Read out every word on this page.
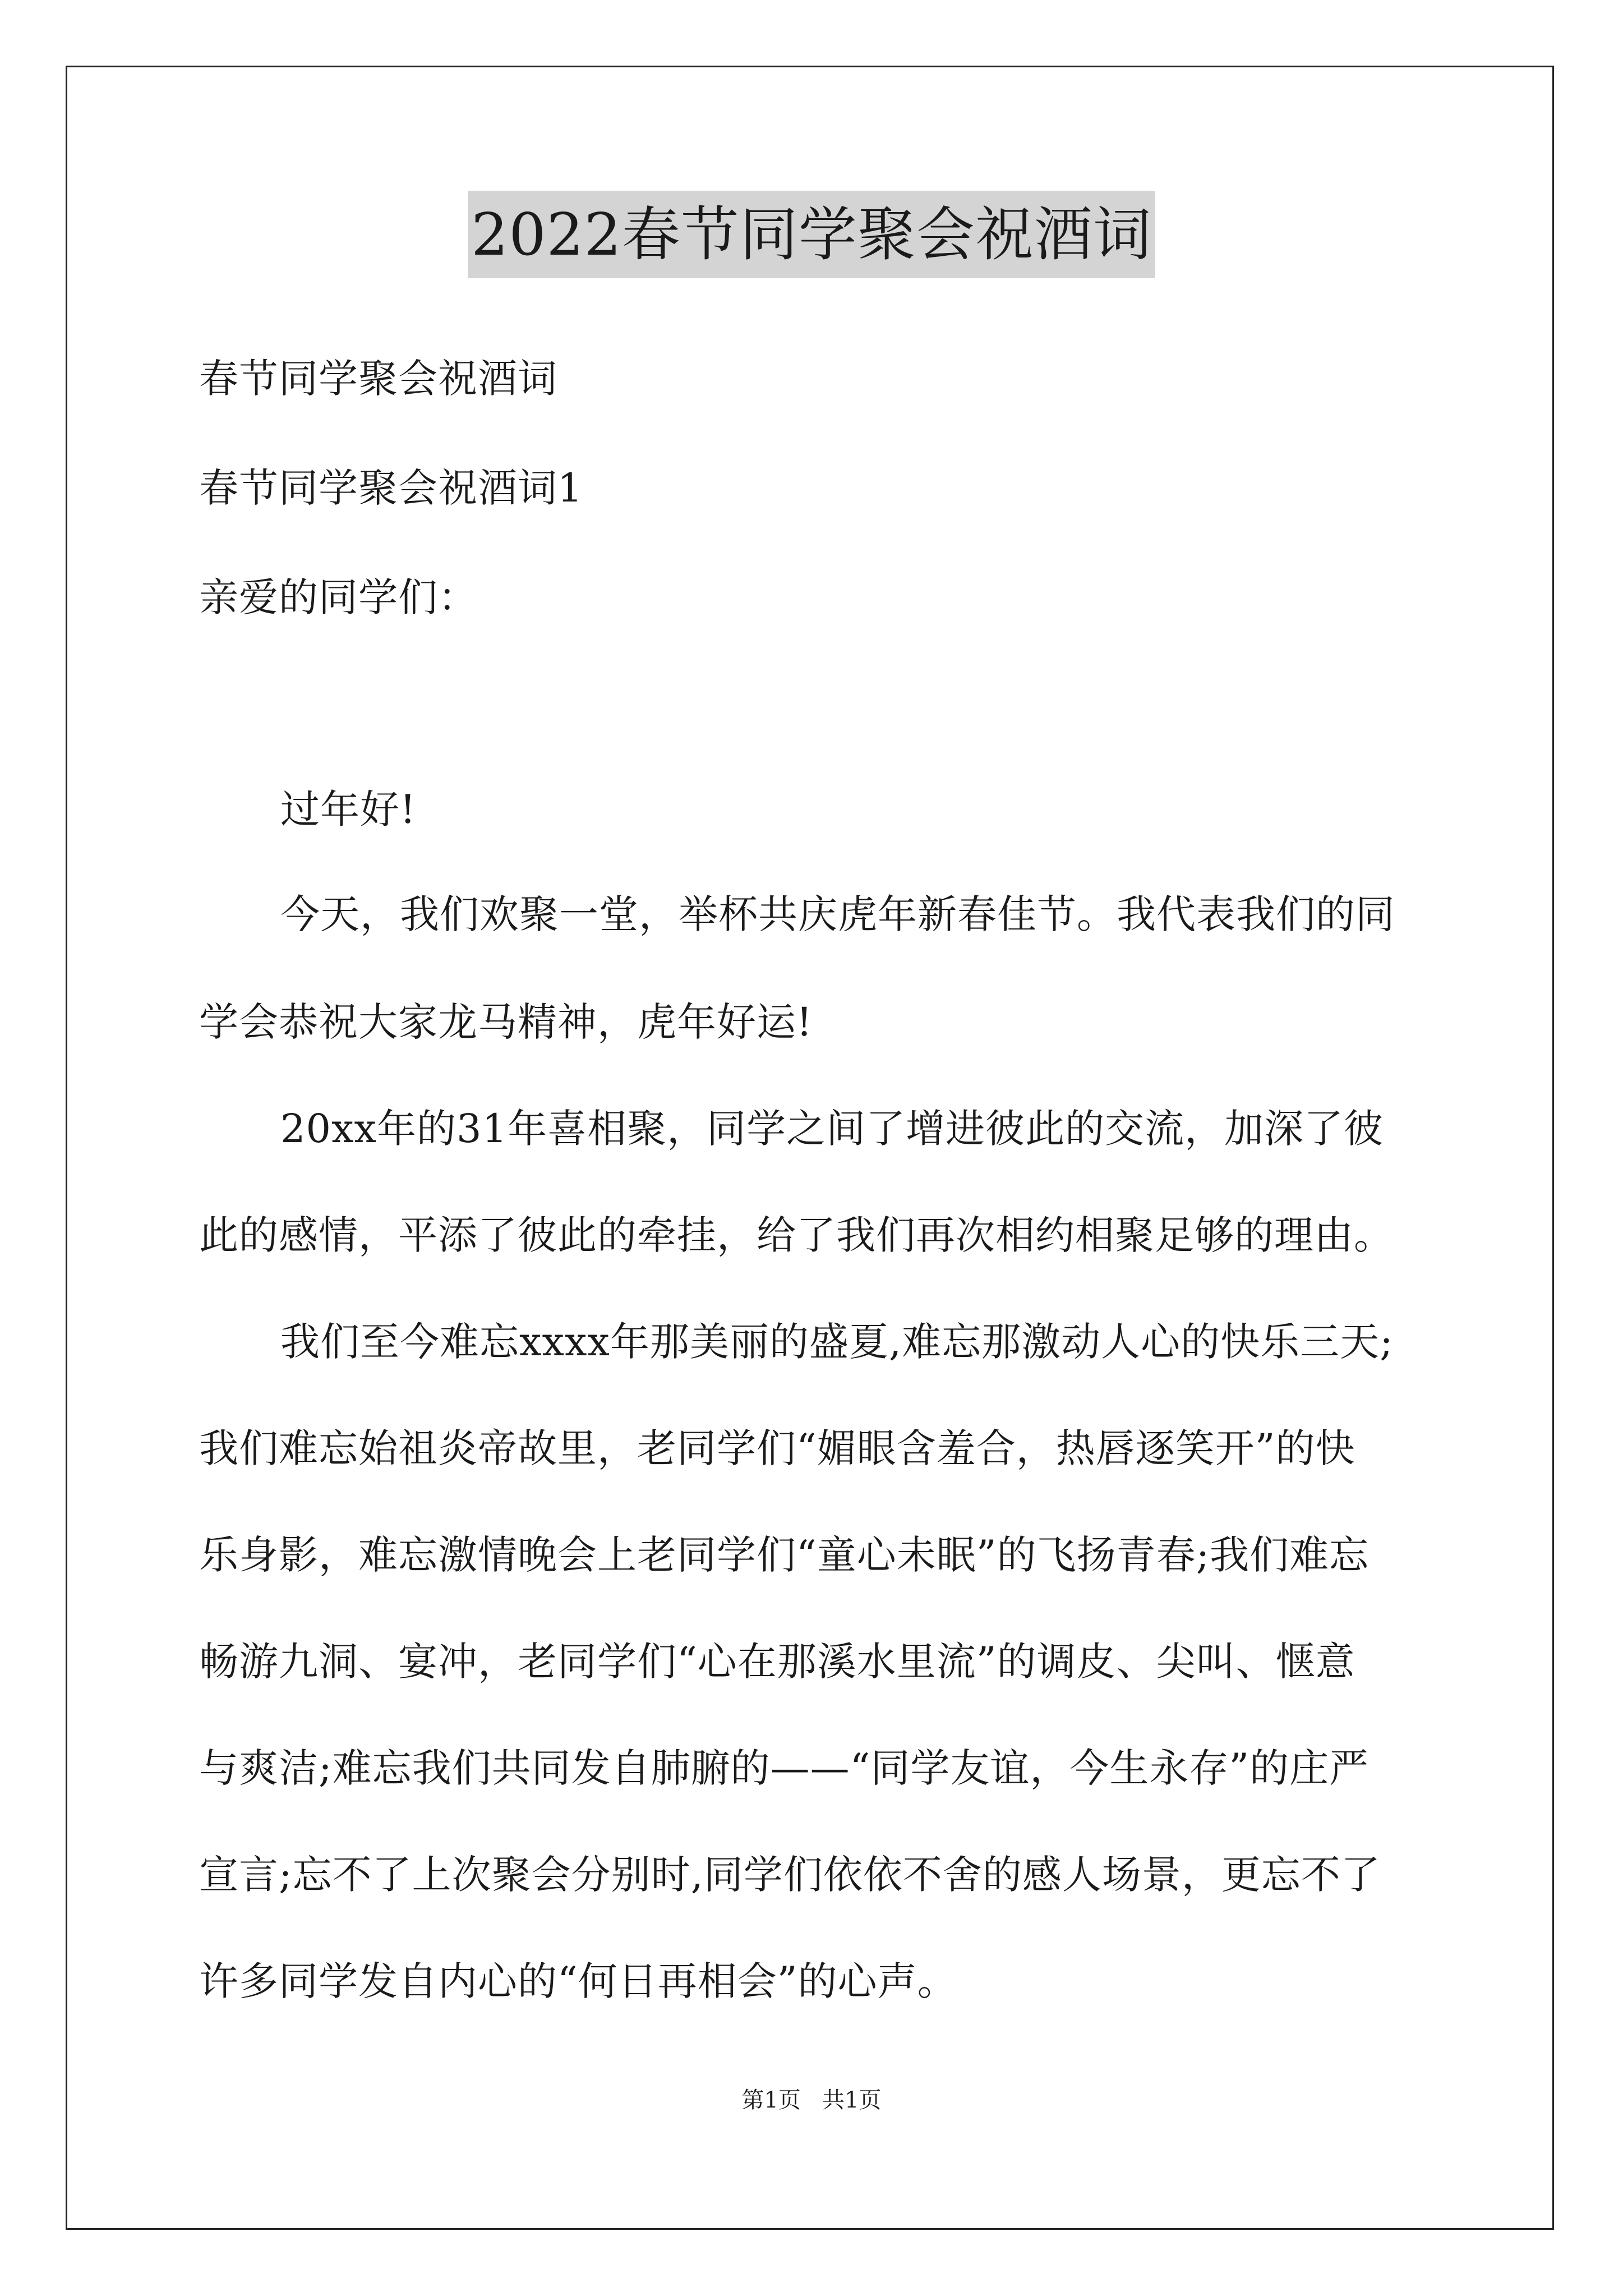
2022春节同学聚会祝酒词
春节同学聚会祝酒词
春节同学聚会祝酒词1
亲爱的同学们：
过年好!
今天，我们欢聚一堂，举杯共庆虎年新春佳节。我代表我们的同
学会恭祝大家龙马精神，虎年好运!
20xx年的31年喜相聚，同学之间了增进彼此的交流，加深了彼
此的感情，平添了彼此的牵挂，给了我们再次相约相聚足够的理由。
我们至今难忘xxxx年那美丽的盛夏,难忘那激动人心的快乐三天;
我们难忘始祖炎帝故里，老同学们“媚眼含羞合，热唇逐笑开”的快
乐身影，难忘激情晚会上老同学们“童心未眠”的飞扬青春;我们难忘
畅游九洞、宴冲，老同学们“心在那溪水里流”的调皮、尖叫、惬意
与爽洁;难忘我们共同发自肺腑的——“同学友谊，今生永存”的庄严
宣言;忘不了上次聚会分别时,同学们依依不舍的感人场景，更忘不了
许多同学发自内心的“何日再相会”的心声。
第1页   共1页
